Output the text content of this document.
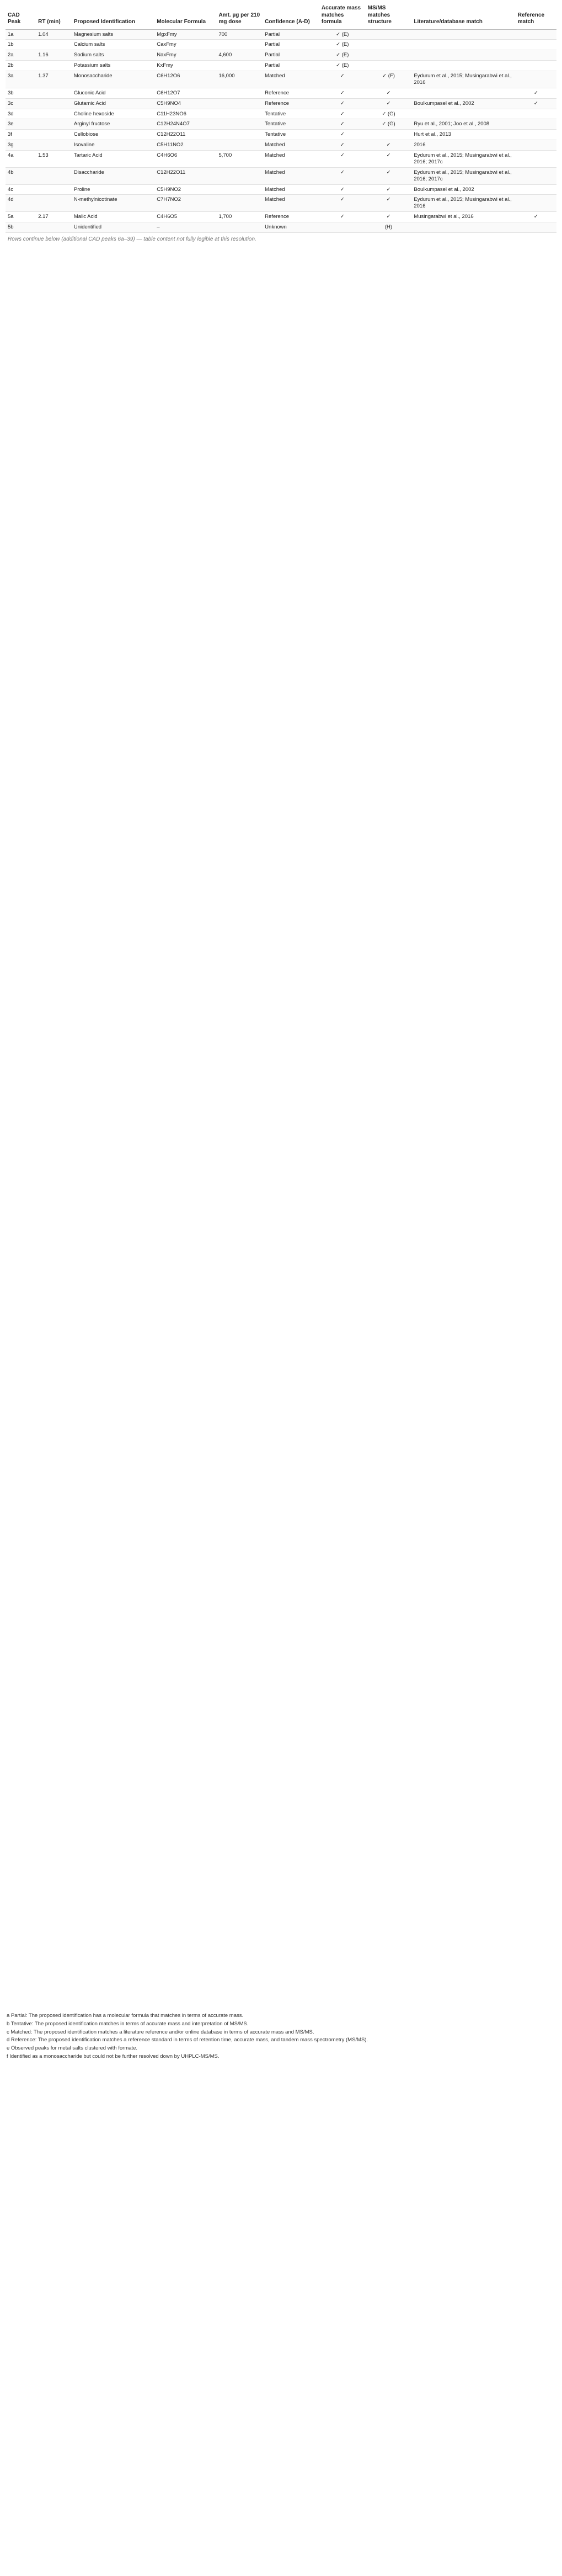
CAD Peak	RT (min)	Proposed Identification	Molecular Formula	Amt. µg per 210 mg dose	Confidence (A-D)	Accurate mass matches formula	MS/MS matches structure	Literature/database match	Reference match
1a	1.04	Magnesium salts	MgxFmy	700	Partial	✓ (E)			
1b		Calcium salts	CaxFmy		Partial	✓ (E)			
2a	1.16	Sodium salts	NaxFmy	4,600	Partial	✓ (E)			
2b		Potassium salts	KxFmy		Partial	✓ (E)			
3a	1.37	Monosaccharide	C6H12O6	16,000	Matched	✓	✓ (F)	Eydurum et al., 2015; Musingarabwi et al., 2016	
3b		Gluconic Acid	C6H12O7		Reference	✓	✓		✓
3c		Glutamic Acid	C5H9NO4		Reference	✓	✓	Boulkumpasel et al., 2002	✓
3d		Choline hexoside	C11H23NO6		Tentative	✓	✓ (G)		
3e		Arginyl fructose	C12H24N4O7		Tentative	✓	✓ (G)	Ryu et al., 2001; Joo et al., 2008	
3f		Cellobiose	C12H22O11		Tentative	✓		Hurt et al., 2013	
3g		Isovaline	C5H11NO2		Matched	✓	✓	2016	
4a	1.53	Tartaric Acid	C4H6O6	5,700	Matched	✓	✓	Eydurum et al., 2015; Musingarabwi et al., 2016; 2017c	
4b		Disaccharide	C12H22O11		Matched	✓	✓	Eydurum et al., 2015; Musingarabwi et al., 2016; 2017c	
4c		Proline	C5H9NO2		Matched	✓	✓	Boulkumpasel et al., 2002	
4d		N-methylnicotinate	C7H7NO2		Matched	✓	✓	Eydurum et al., 2015; Musingarabwi et al., 2016	
5a	2.17	Malic Acid	C4H6O5	1,700	Reference	✓	✓	Musingarabwi et al., 2016	✓
5b		Unidentified	–		Unknown		(H)		
Rows continue below (additional CAD peaks 6a–39) — table content not fully legible at this resolution.

a Partial: The proposed identification has a molecular formula that matches in terms of accurate mass.

b Tentative: The proposed identification matches in terms of accurate mass and interpretation of MS/MS.

c Matched: The proposed identification matches a literature reference and/or online database in terms of accurate mass and MS/MS.

d Reference: The proposed identification matches a reference standard in terms of retention time, accurate mass, and tandem mass spectrometry (MS/MS).

e Observed peaks for metal salts clustered with formate.

f Identified as a monosaccharide but could not be further resolved down by UHPLC-MS/MS.
